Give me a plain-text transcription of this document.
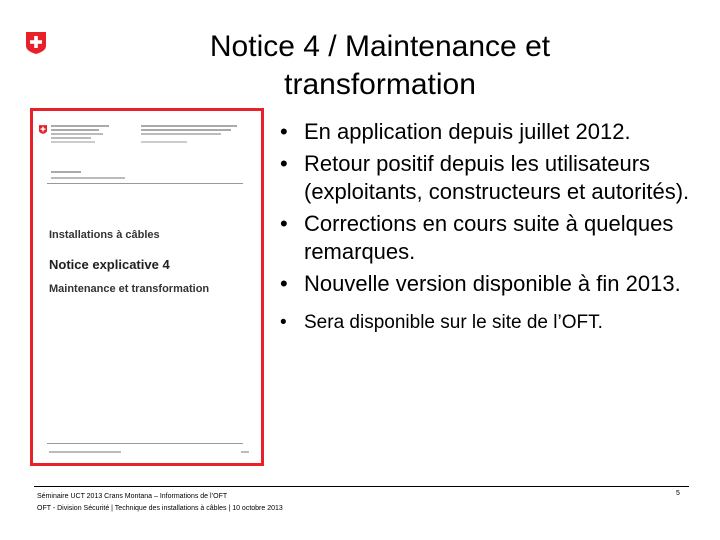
Notice 4 / Maintenance et
transformation
Installations à câbles
Notice explicative 4
Maintenance et transformation
• En application depuis juillet 2012.
• Retour positif depuis les utilisateurs (exploitants, constructeurs et autorités).
• Corrections en cours suite à quelques remarques.
• Nouvelle version disponible à fin 2013.
• Sera disponible sur le site de l’OFT.
Séminaire UCT 2013 Crans Montana – Informations de l’OFT
OFT - Division Sécurité | Technique des installations à câbles | 10 octobre 2013
5
